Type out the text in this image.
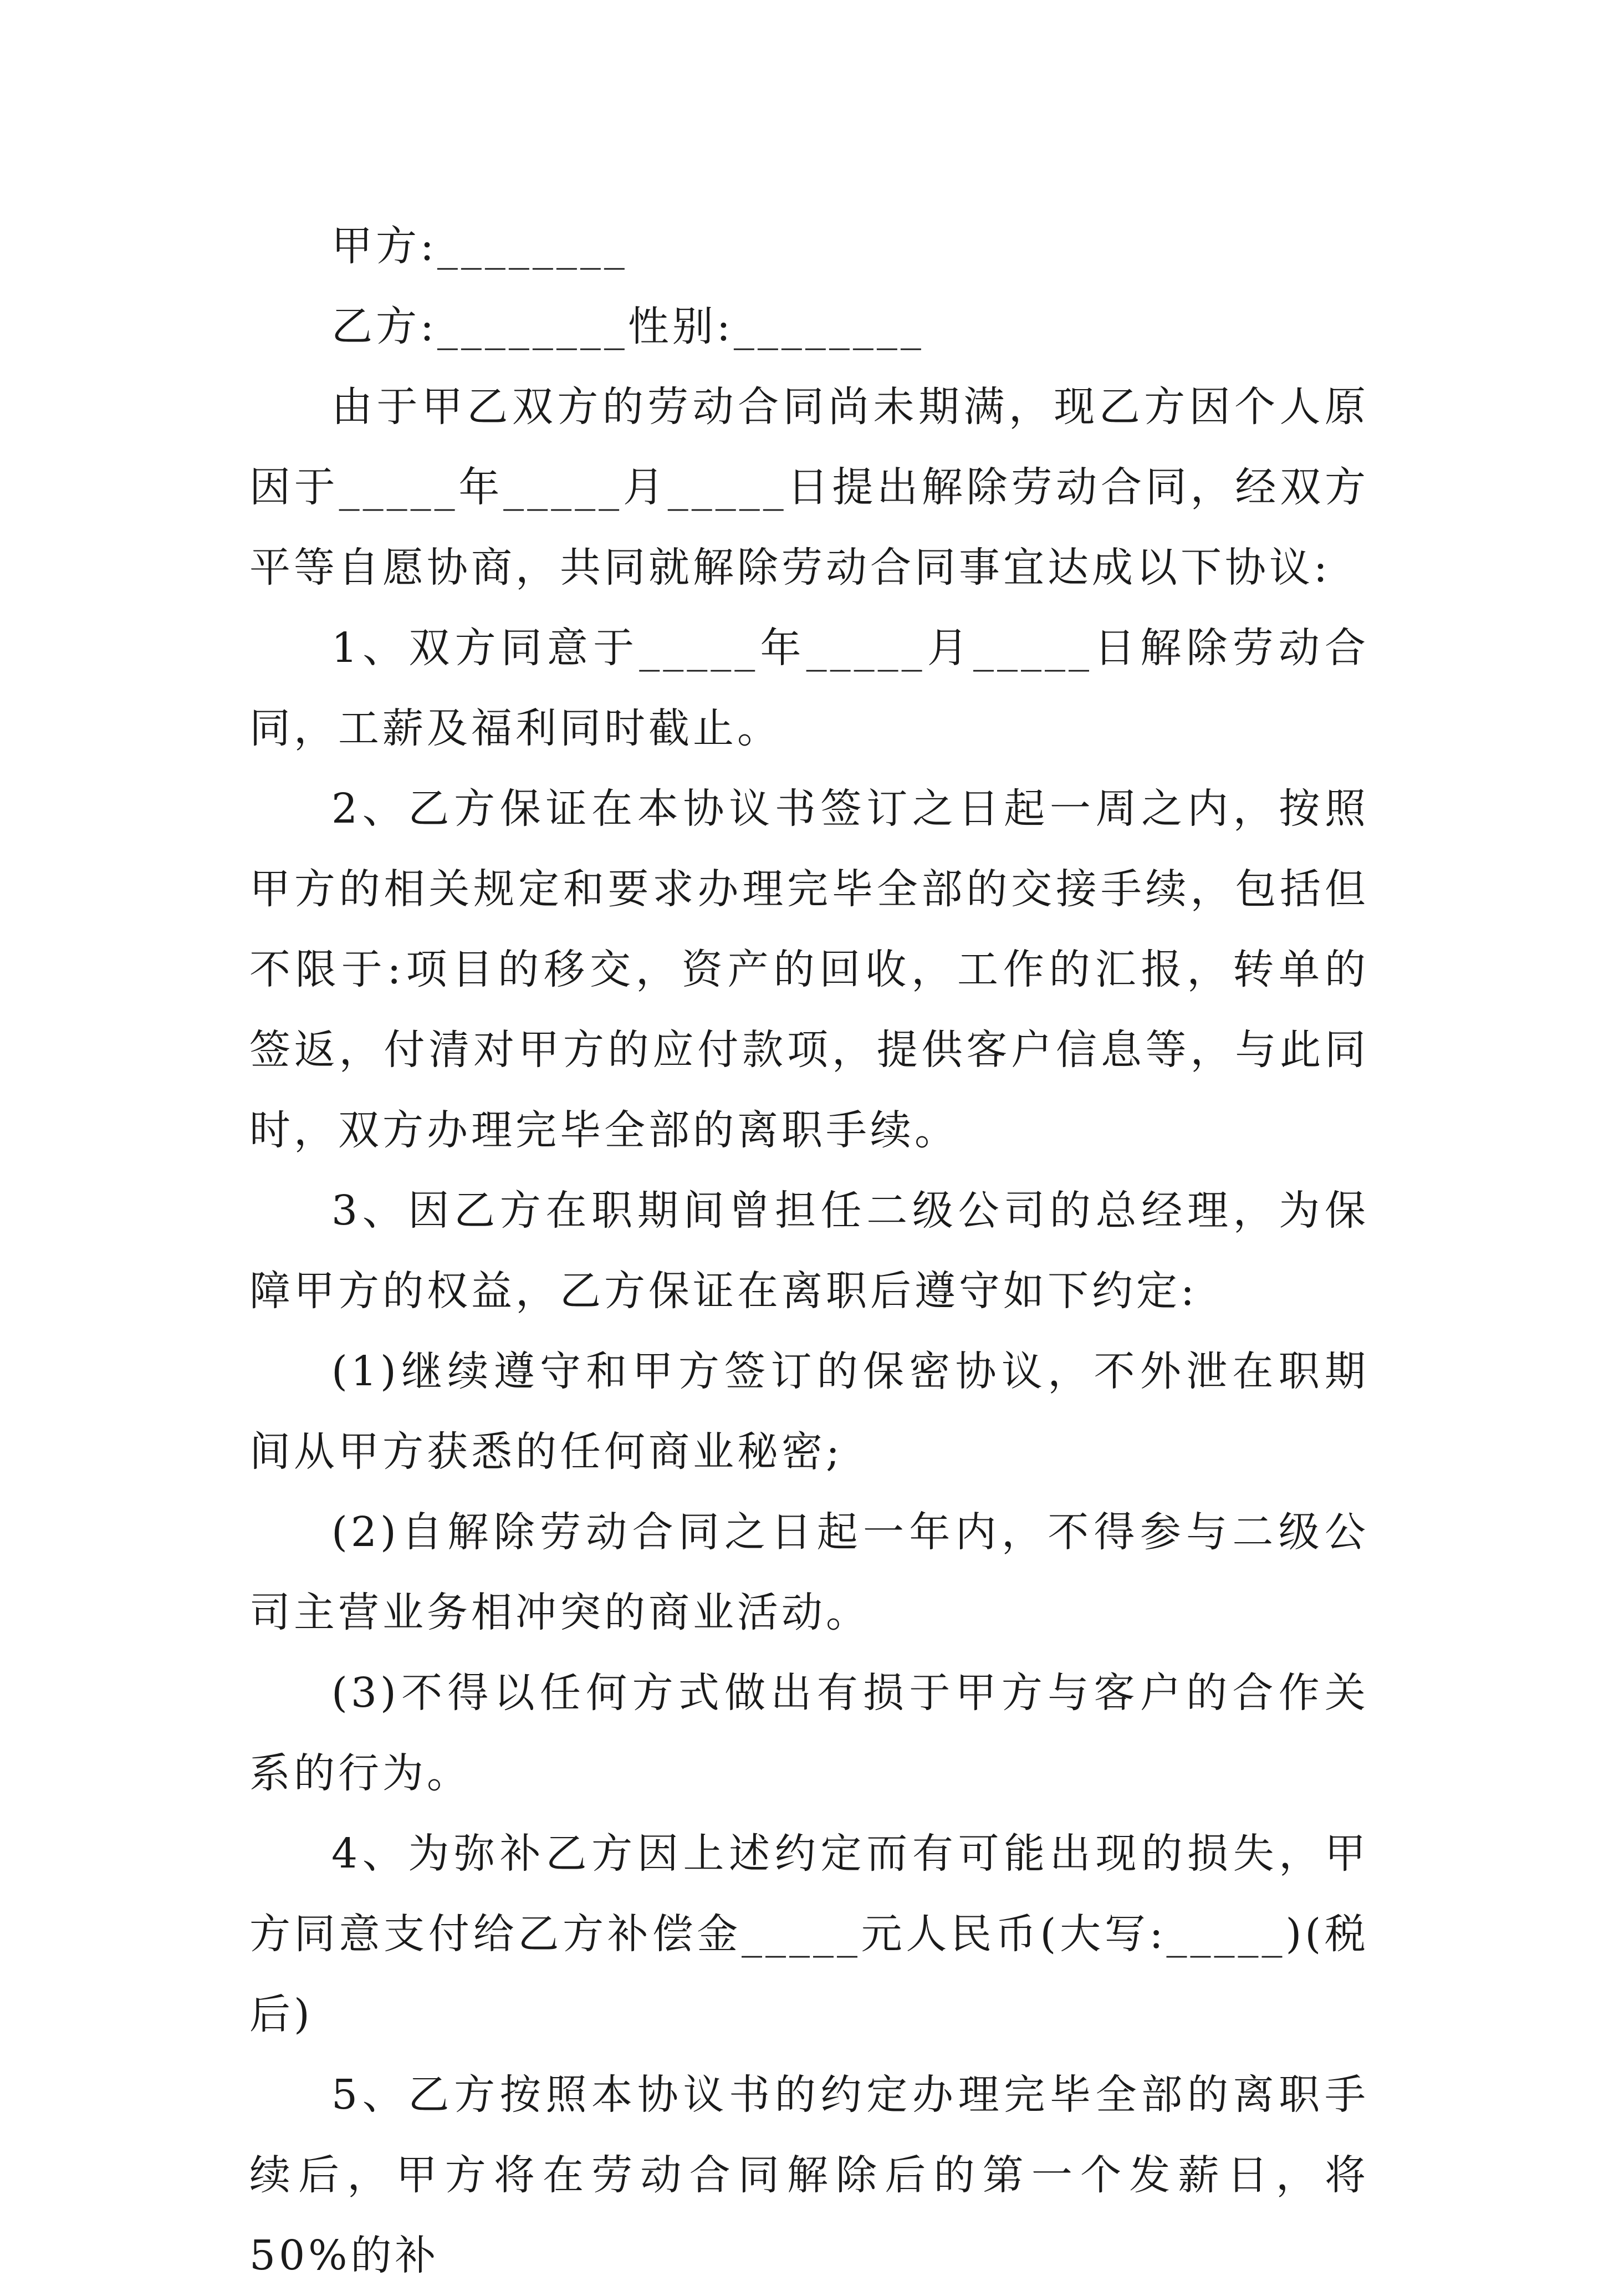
甲方:________

乙方:________性别:________

由于甲乙双方的劳动合同尚未期满，现乙方因个人原因于_____年_____月_____日提出解除劳动合同，经双方平等自愿协商，共同就解除劳动合同事宜达成以下协议:

1、双方同意于_____年_____月_____日解除劳动合同，工薪及福利同时截止。

2、乙方保证在本协议书签订之日起一周之内，按照甲方的相关规定和要求办理完毕全部的交接手续，包括但不限于:项目的移交，资产的回收，工作的汇报，转单的签返，付清对甲方的应付款项，提供客户信息等，与此同时，双方办理完毕全部的离职手续。

3、因乙方在职期间曾担任二级公司的总经理，为保障甲方的权益，乙方保证在离职后遵守如下约定:

(1)继续遵守和甲方签订的保密协议，不外泄在职期间从甲方获悉的任何商业秘密;

(2)自解除劳动合同之日起一年内，不得参与二级公司主营业务相冲突的商业活动。

(3)不得以任何方式做出有损于甲方与客户的合作关系的行为。

4、为弥补乙方因上述约定而有可能出现的损失，甲方同意支付给乙方补偿金_____元人民币(大写:_____)(税后)

5、乙方按照本协议书的约定办理完毕全部的离职手续后，甲方将在劳动合同解除后的第一个发薪日，将50%的补
